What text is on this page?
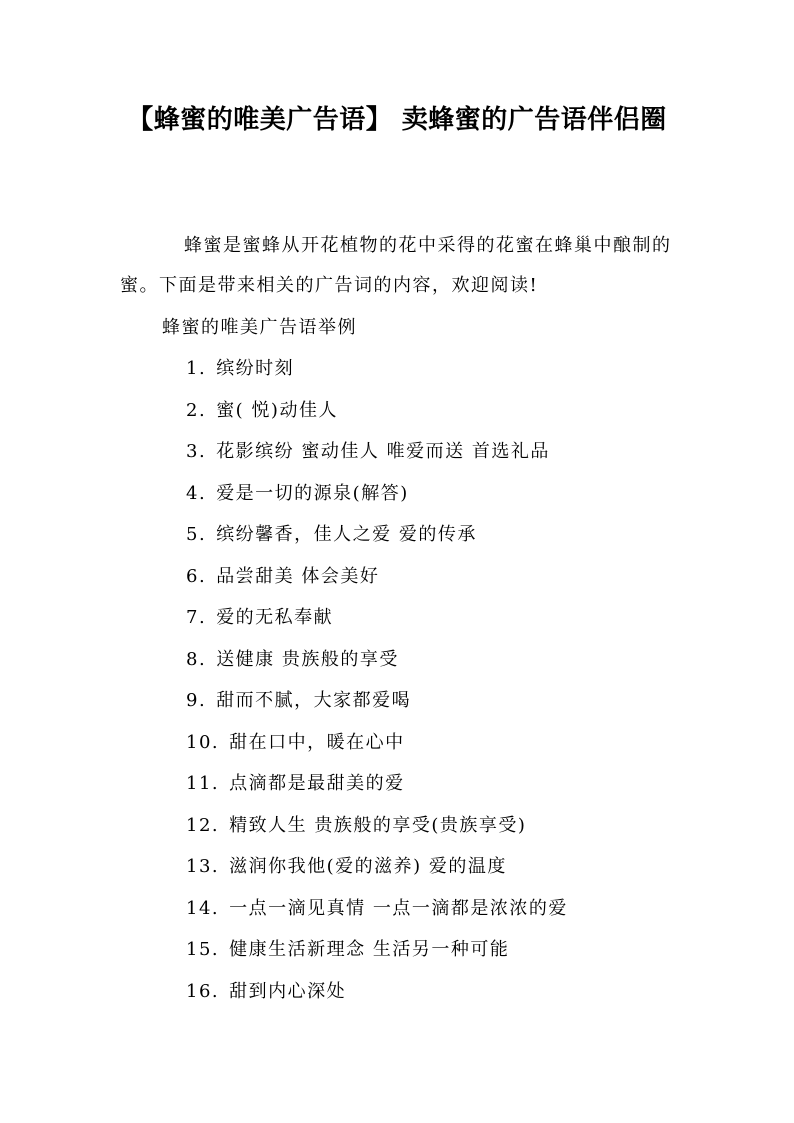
【蜂蜜的唯美广告语】 卖蜂蜜的广告语伴侣圈

蜂蜜是蜜蜂从开花植物的花中采得的花蜜在蜂巢中酿制的蜜。下面是带来相关的广告词的内容，欢迎阅读!

蜂蜜的唯美广告语举例
1. 缤纷时刻
2. 蜜( 悦)动佳人
3. 花影缤纷 蜜动佳人 唯爱而送 首选礼品
4. 爱是一切的源泉(解答)
5. 缤纷馨香，佳人之爱 爱的传承
6. 品尝甜美 体会美好
7. 爱的无私奉献
8. 送健康 贵族般的享受
9. 甜而不腻，大家都爱喝
10. 甜在口中，暖在心中
11. 点滴都是最甜美的爱
12. 精致人生 贵族般的享受(贵族享受)
13. 滋润你我他(爱的滋养) 爱的温度
14. 一点一滴见真情 一点一滴都是浓浓的爱
15. 健康生活新理念 生活另一种可能
16. 甜到内心深处
